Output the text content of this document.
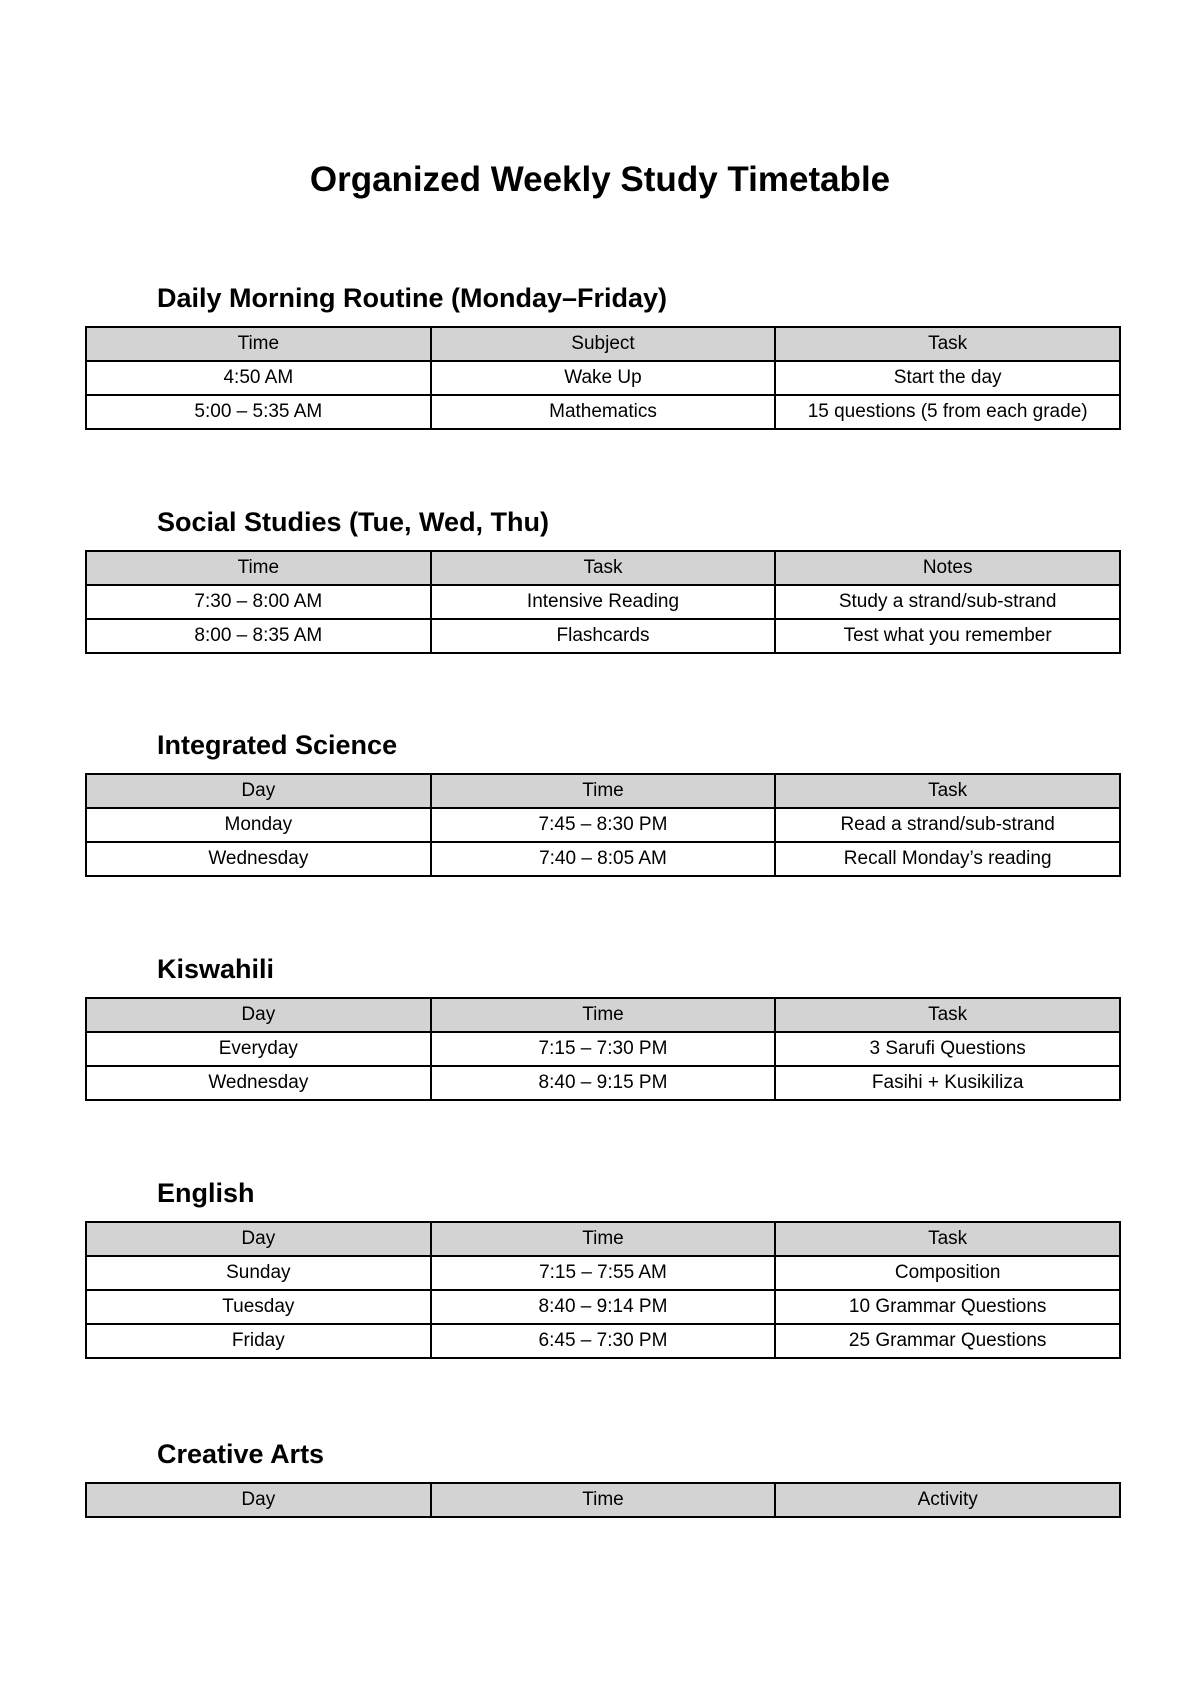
Organized Weekly Study Timetable
Daily Morning Routine (Monday–Friday)
Time	Subject	Task
4:50 AM	Wake Up	Start the day
5:00 – 5:35 AM	Mathematics	15 questions (5 from each grade)
Social Studies (Tue, Wed, Thu)
Time	Task	Notes
7:30 – 8:00 AM	Intensive Reading	Study a strand/sub-strand
8:00 – 8:35 AM	Flashcards	Test what you remember
Integrated Science
Day	Time	Task
Monday	7:45 – 8:30 PM	Read a strand/sub-strand
Wednesday	7:40 – 8:05 AM	Recall Monday’s reading
Kiswahili
Day	Time	Task
Everyday	7:15 – 7:30 PM	3 Sarufi Questions
Wednesday	8:40 – 9:15 PM	Fasihi + Kusikiliza
English
Day	Time	Task
Sunday	7:15 – 7:55 AM	Composition
Tuesday	8:40 – 9:14 PM	10 Grammar Questions
Friday	6:45 – 7:30 PM	25 Grammar Questions
Creative Arts
Day	Time	Activity
